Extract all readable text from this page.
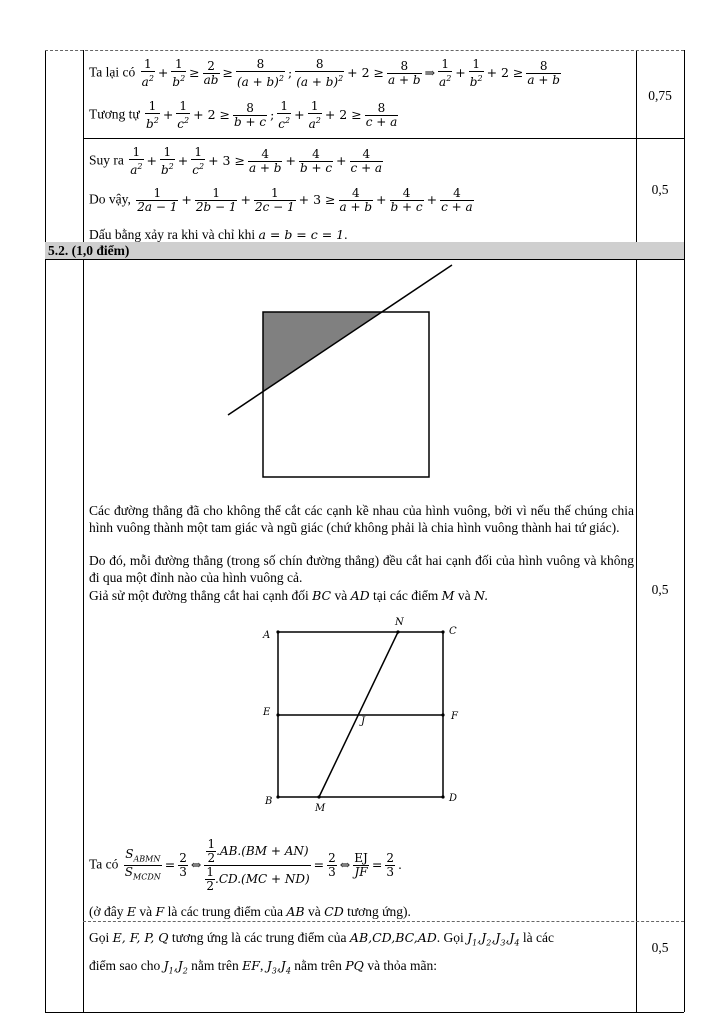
Ta lại có $\frac{1}{a^2} + \frac{1}{b^2} \ge \frac{2}{ab} \ge \frac{8}{(a + b)^2}$ ; $\frac{8}{(a + b)^2} + 2 \ge \frac{8}{a + b}$ ⇒ $\frac{1}{a^2} + \frac{1}{b^2} + 2 \ge \frac{8}{a + b}$
Tương tự $\frac{1}{b^2} + \frac{1}{c^2} + 2 \ge \frac{8}{b + c}$ ; $\frac{1}{c^2} + \frac{1}{a^2} + 2 \ge \frac{8}{c + a}$
0,75
Suy ra $\frac{1}{a^2} + \frac{1}{b^2} + \frac{1}{c^2} + 3 \ge \frac{4}{a + b} + \frac{4}{b + c} + \frac{4}{c + a}$
Do vậy, $\frac{1}{2a - 1} + \frac{1}{2b - 1} + \frac{1}{2c - 1} + 3 \ge \frac{4}{a + b} + \frac{4}{b + c} + \frac{4}{c + a}$
Dấu bằng xảy ra khi và chỉ khi a = b = c = 1.
0,5
5.2. (1,0 điểm)
Các đường thẳng đã cho không thể cắt các cạnh kề nhau của hình vuông, bởi vì nếu thế chúng chia hình vuông thành một tam giác và ngũ giác (chứ không phải là chia hình vuông thành hai tứ giác).
Do đó, mỗi đường thẳng (trong số chín đường thẳng) đều cắt hai cạnh đối của hình vuông và không đi qua một đỉnh nào của hình vuông cả.
Giả sử một đường thẳng cắt hai cạnh đối BC và AD tại các điểm M và N.
A
N
C
E	F
J
B
M
D
Ta có
$S_{ABMN}$
$S_{MCDN}$
= $\frac{2}{3}$ ⇔ $\frac{\frac{1}{2} .AB.(BM + AN)}{\frac{1}{2} .CD.(MC + ND)} = \frac{2}{3}$ ⇔ $\frac{EJ}{JF} = \frac{2}{3}$ .
(ở đây E và F là các trung điểm của AB và CD tương ứng).
0,5
Gọi E, F, P, Q tương ứng là các trung điểm của AB,CD,BC,AD. Gọi $J_1,J_2,J_3,J_4$ là các
điểm sao cho $J_1,J_2$ nằm trên EF, $J_3,J_4$ nằm trên PQ và thỏa mãn:
0,5
